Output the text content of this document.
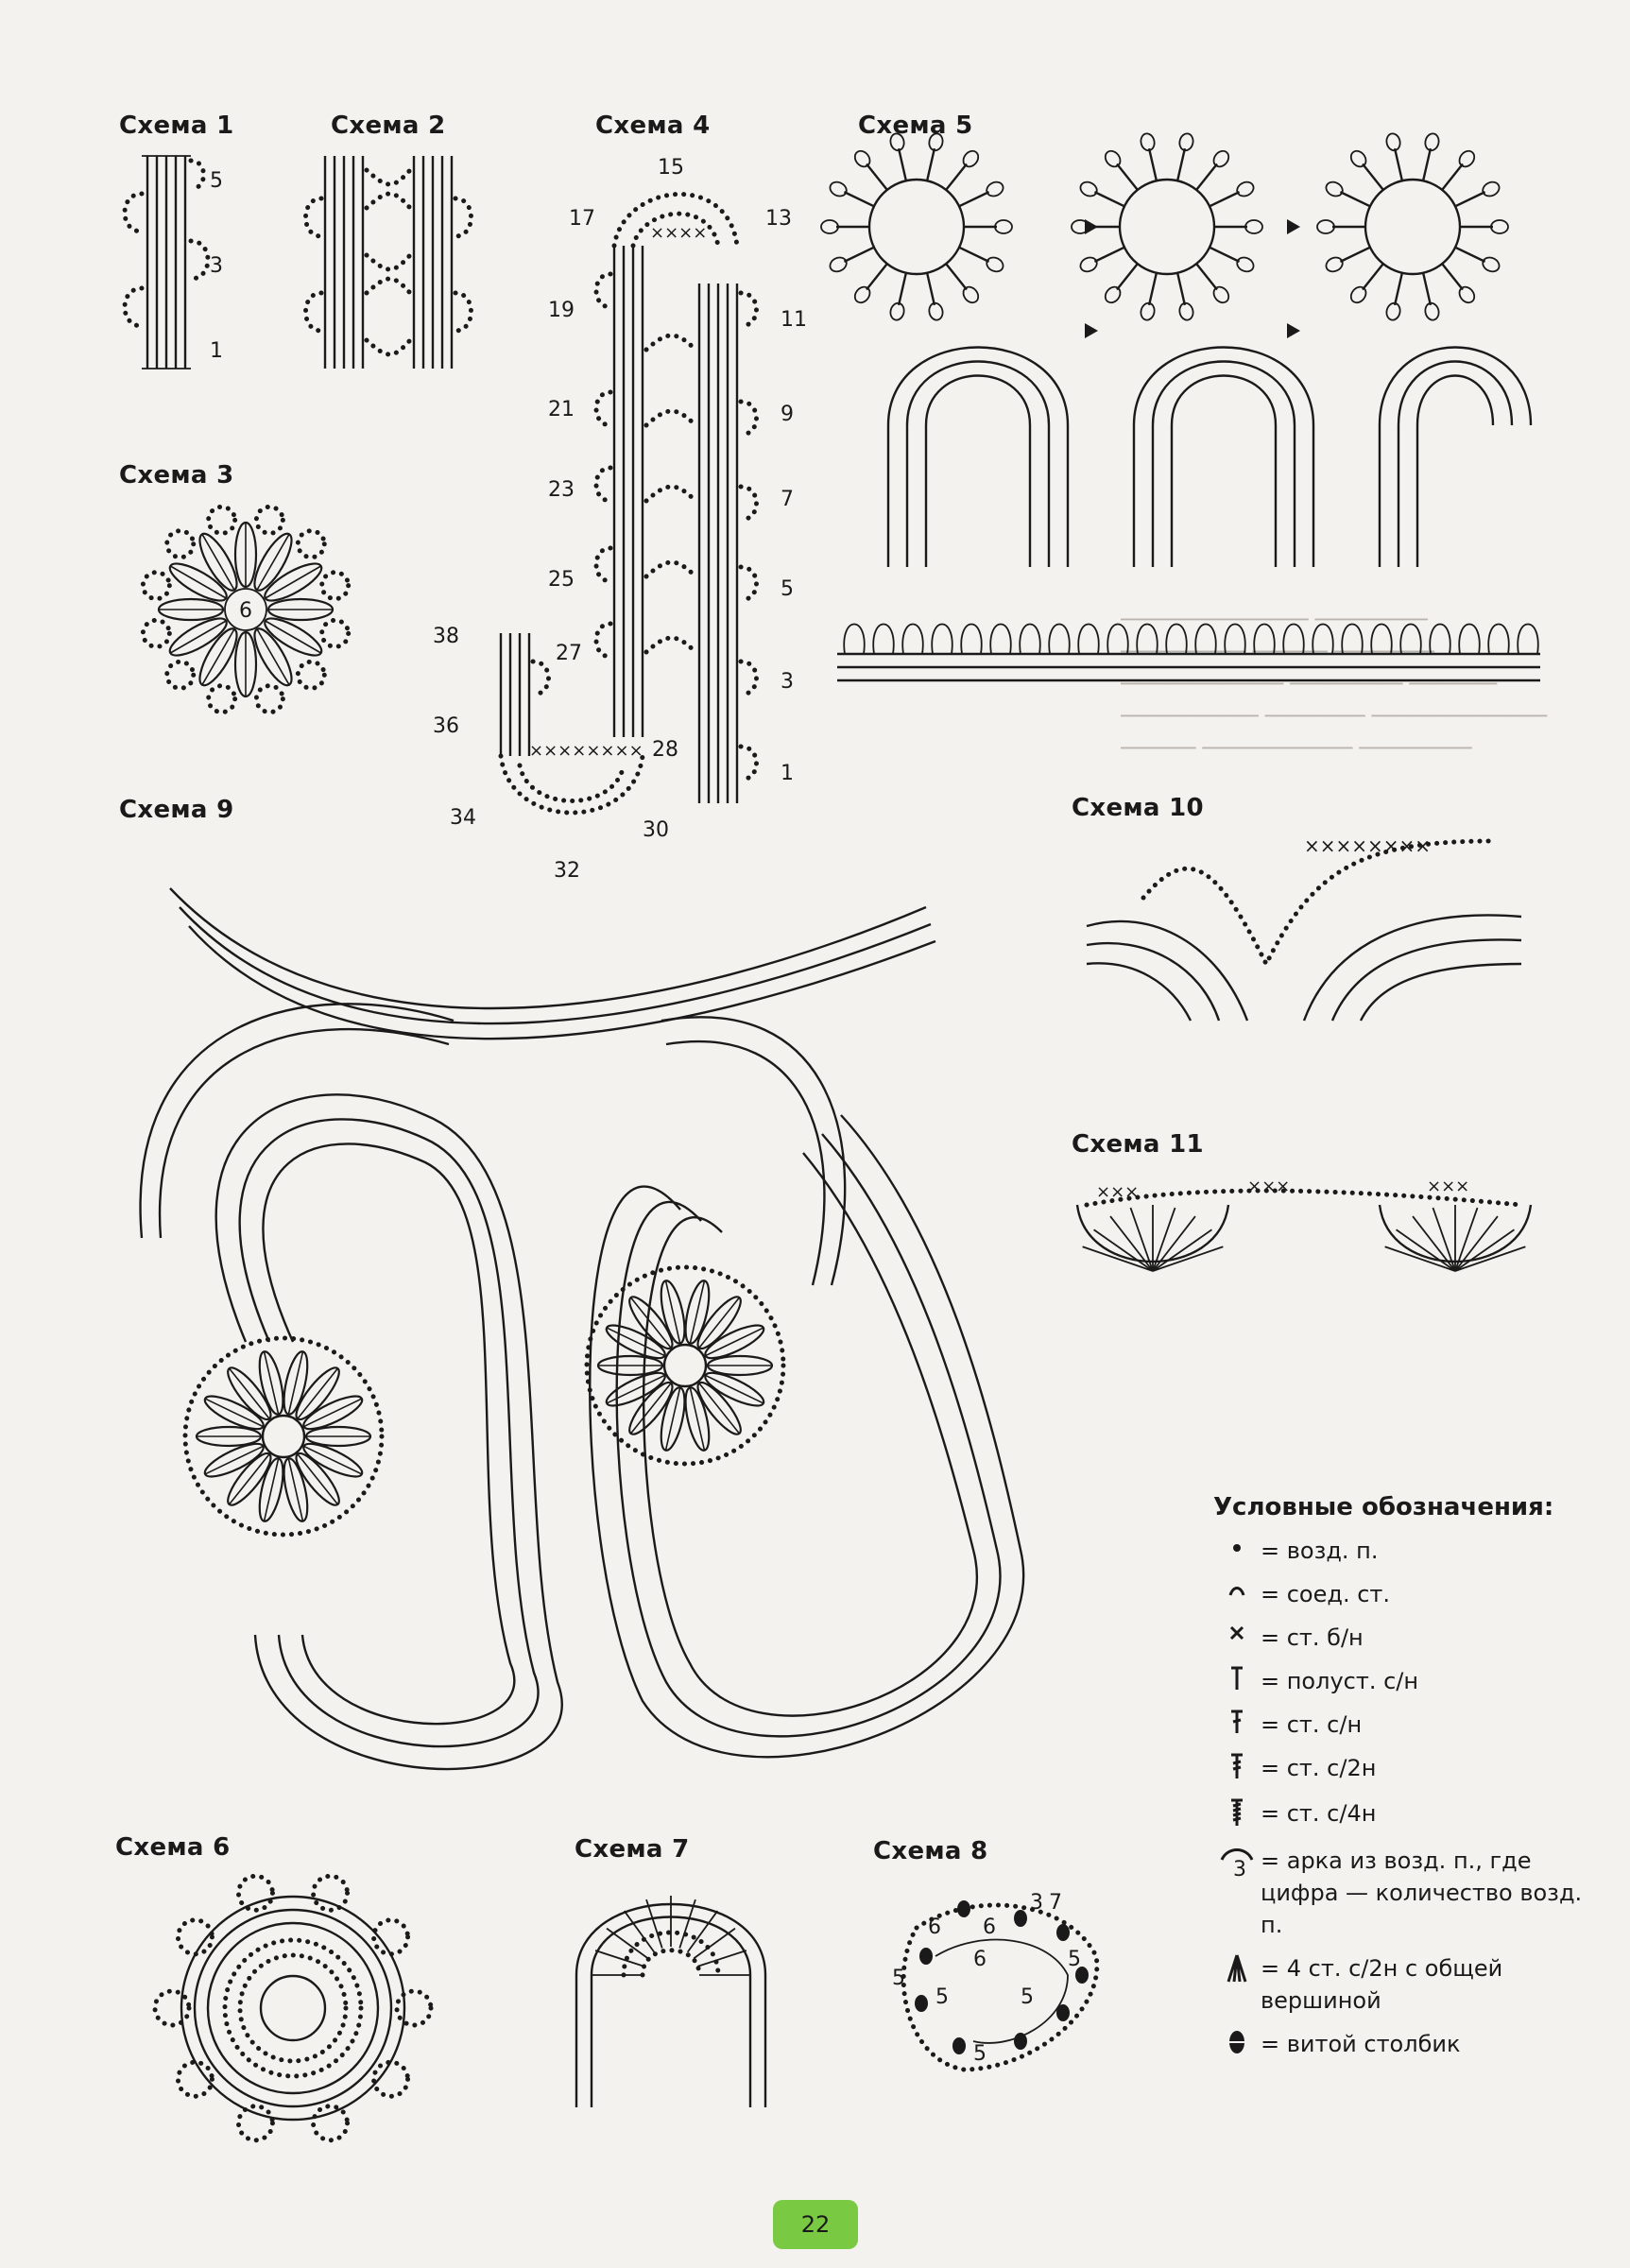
Схема 1	Схема 2	Схема 4	Схема 5
Схема 3
Схема 9	Схема 10
Схема 11
Схема 6	Схема 7	Схема 8
─────────────── ───────── ────────── ────── ──────── ───────────── ───────── ─────── ─────────── ──────── ────────────── ────── ──────────── ─────────
5
3
1
6
××××
××××××××
15
17	13
19	11
21	9
23	7
25	5
27
3
38
36
28
1
34
30
32
××××××××
×××	×××	×××
6 6
3 7
6
5
5
5
5
5
Условные обозначения:
= возд. п.
= соед. ст.
= ст. б/н
= полуст. с/н
= ст. с/н
= ст. с/2н
= ст. с/4н
3 = арка из возд. п., где цифра — количество возд. п.
= 4 ст. с/2н с общей вершиной
= витой столбик
22
